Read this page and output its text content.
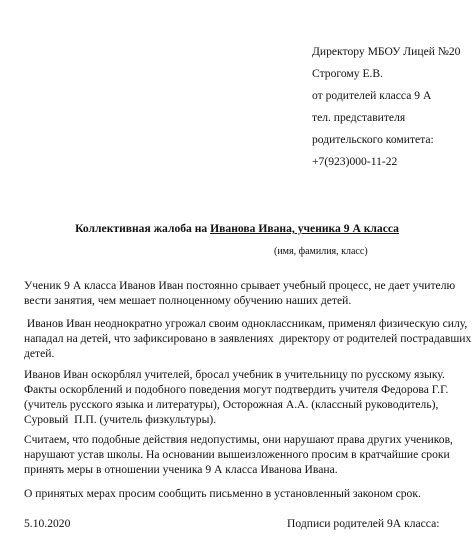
Директору МБОУ Лицей №20
Строгому Е.В.
от родителей класса 9 А
тел. представителя
родительского комитета:
+7(923)000-11-22
Коллективная жалоба на Иванова Ивана, ученика 9 А класса
(имя, фамилия, класс)

Ученик 9 А класса Иванов Иван постоянно срывает учебный процесс, не дает учителю
вести занятия, чем мешает полноценному обучению наших детей.

Иванов Иван неоднократно угрожал своим одноклассникам, применял физическую силу,
нападал на детей, что зафиксировано в заявлениях  директору от родителей пострадавших
детей.

Иванов Иван оскорблял учителей, бросал учебник в учительницу по русскому языку.
Факты оскорблений и подобного поведения могут подтвердить учителя Федорова Г.Г.
(учитель русского языка и литературы), Осторожная А.А. (классный руководитель),
Суровый  П.П. (учитель физкультуры).

Считаем, что подобные действия недопустимы, они нарушают права других учеников,
нарушают устав школы. На основании вышеизложенного просим в кратчайшие сроки
принять меры в отношении ученика 9 А класса Иванова Ивана.

О принятых мерах просим сообщить письменно в установленный законом срок.

5.10.2020	Подписи родителей 9А класса:
